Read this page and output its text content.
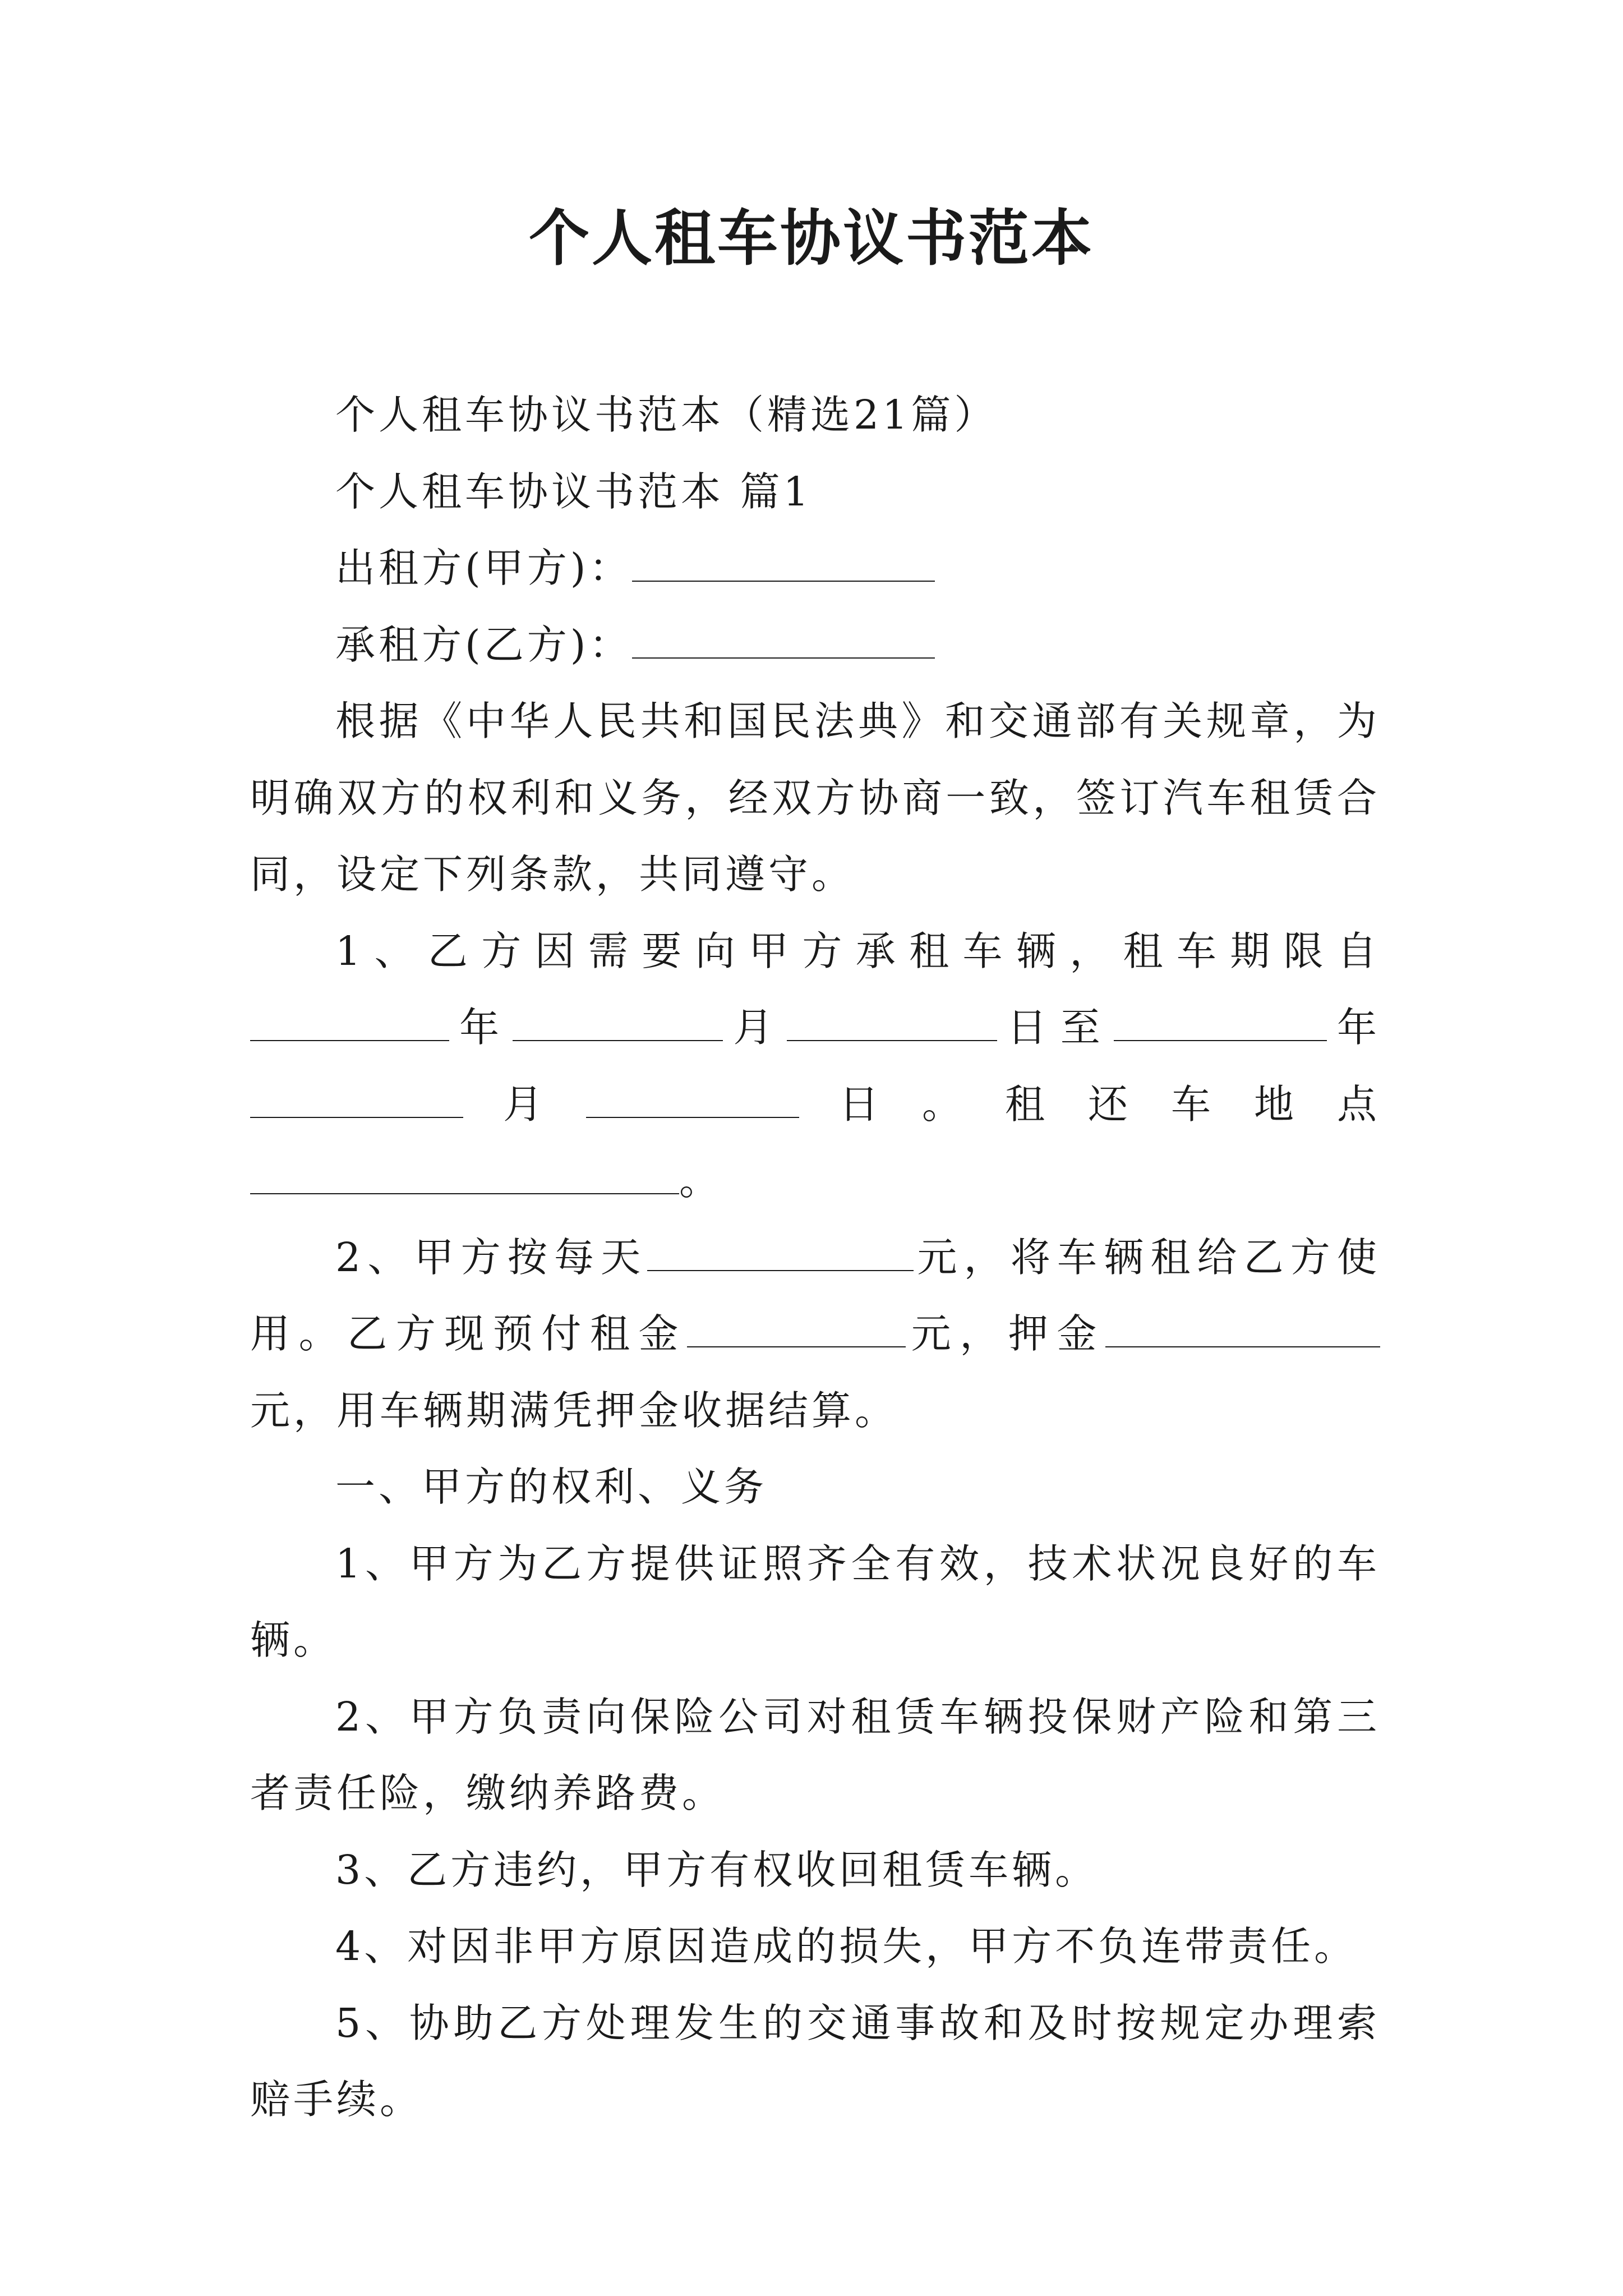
个人租车协议书范本

个人租车协议书范本（精选21篇）

个人租车协议书范本 篇1

出租方(甲方)：

承租方(乙方)：

根据《中华人民共和国民法典》和交通部有关规章，为明确双方的权利和义务，经双方协商一致，签订汽车租赁合同，设定下列条款，共同遵守。

1、乙方因需要向甲方承租车辆，租车期限自年	月	日至	年月	日。租还车地点。

2、甲方按每天	元，将车辆租给乙方使用。乙方现预付租金	元，押金元，用车辆期满凭押金收据结算。

一、甲方的权利、义务

1、甲方为乙方提供证照齐全有效，技术状况良好的车辆。

2、甲方负责向保险公司对租赁车辆投保财产险和第三者责任险，缴纳养路费。

3、乙方违约，甲方有权收回租赁车辆。

4、对因非甲方原因造成的损失，甲方不负连带责任。

5、协助乙方处理发生的交通事故和及时按规定办理索赔手续。
